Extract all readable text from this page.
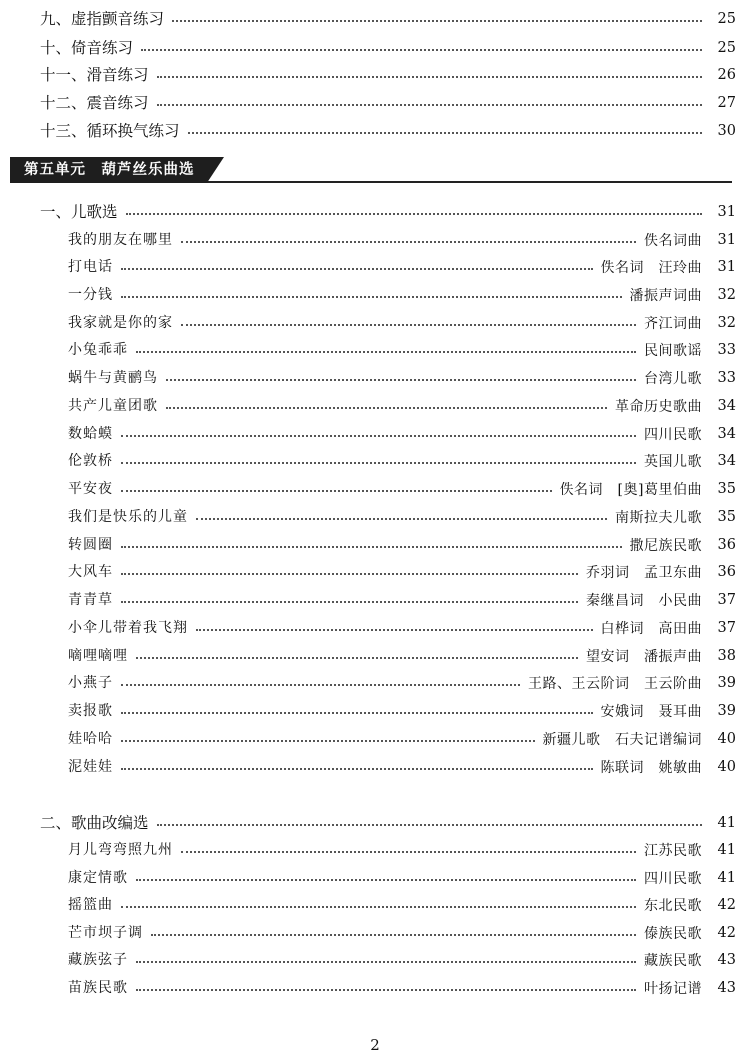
九、虚指颤音练习	25
十、倚音练习	25
十一、滑音练习	26
十二、震音练习	27
十三、循环换气练习	30
第五单元　 葫芦丝乐曲选
一、儿歌选	31
我的朋友在哪里	佚名词曲	31
打电话	佚名词　汪玲曲	31
一分钱	潘振声词曲	32
我家就是你的家	齐江词曲	32
小兔乖乖	民间歌谣	33
蜗牛与黄鹂鸟	台湾儿歌	33
共产儿童团歌	革命历史歌曲	34
数蛤蟆	四川民歌	34
伦敦桥	英国儿歌	34
平安夜	佚名词　[奥]葛里伯曲	35
我们是快乐的儿童	南斯拉夫儿歌	35
转圆圈	撒尼族民歌	36
大风车	乔羽词　孟卫东曲	36
青青草	秦继昌词　小民曲	37
小伞儿带着我飞翔	白桦词　高田曲	37
嘀哩嘀哩	望安词　潘振声曲	38
小燕子	王路、王云阶词　王云阶曲	39
卖报歌	安娥词　聂耳曲	39
娃哈哈	新疆儿歌　石夫记谱编词	40
泥娃娃	陈联词　姚敏曲	40
二、歌曲改编选	41
月儿弯弯照九州	江苏民歌	41
康定情歌	四川民歌	41
摇篮曲	东北民歌	42
芒市坝子调	傣族民歌	42
藏族弦子	藏族民歌	43
苗族民歌	叶扬记谱	43
2
